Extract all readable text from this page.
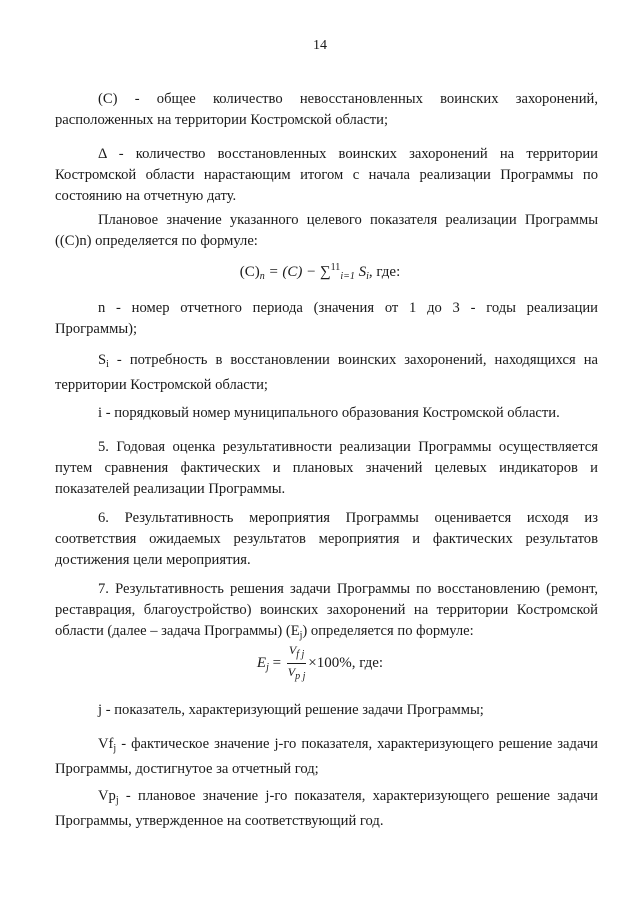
14
(C) - общее количество невосстановленных воинских захоронений, расположенных на территории Костромской области;
Δ - количество восстановленных воинских захоронений на территории Костромской области нарастающим итогом с начала реализации Программы по состоянию на отчетную дату.
Плановое значение указанного целевого показателя реализации Программы ((C)n) определяется по формуле:
$(C)_n = (C) - \sum^{11}_{i=1}$ $S_i$, где:
n - номер отчетного периода (значения от 1 до 3 - годы реализации Программы);
$S_i$ - потребность в восстановлении воинских захоронений, находящихся на территории Костромской области;
i - порядковый номер муниципального образования Костромской области.
5. Годовая оценка результативности реализации Программы осуществляется путем сравнения фактических и плановых значений целевых индикаторов и показателей реализации Программы.
6. Результативность мероприятия Программы оценивается исходя из соответствия ожидаемых результатов мероприятия и фактических результатов достижения цели мероприятия.
7. Результативность решения задачи Программы по восстановлению (ремонт, реставрация, благоустройство) воинских захоронений на территории Костромской области (далее – задача Программы) $(E_j)$ определяется по формуле:
$E_j = \frac{V_{f j}}{V_{p j}} \times 100\%$, где:
j - показатель, характеризующий решение задачи Программы;
$Vf_j$ - фактическое значение j-го показателя, характеризующего решение задачи Программы, достигнутое за отчетный год;
$Vp_j$ - плановое значение j-го показателя, характеризующего решение задачи Программы, утвержденное на соответствующий год.
